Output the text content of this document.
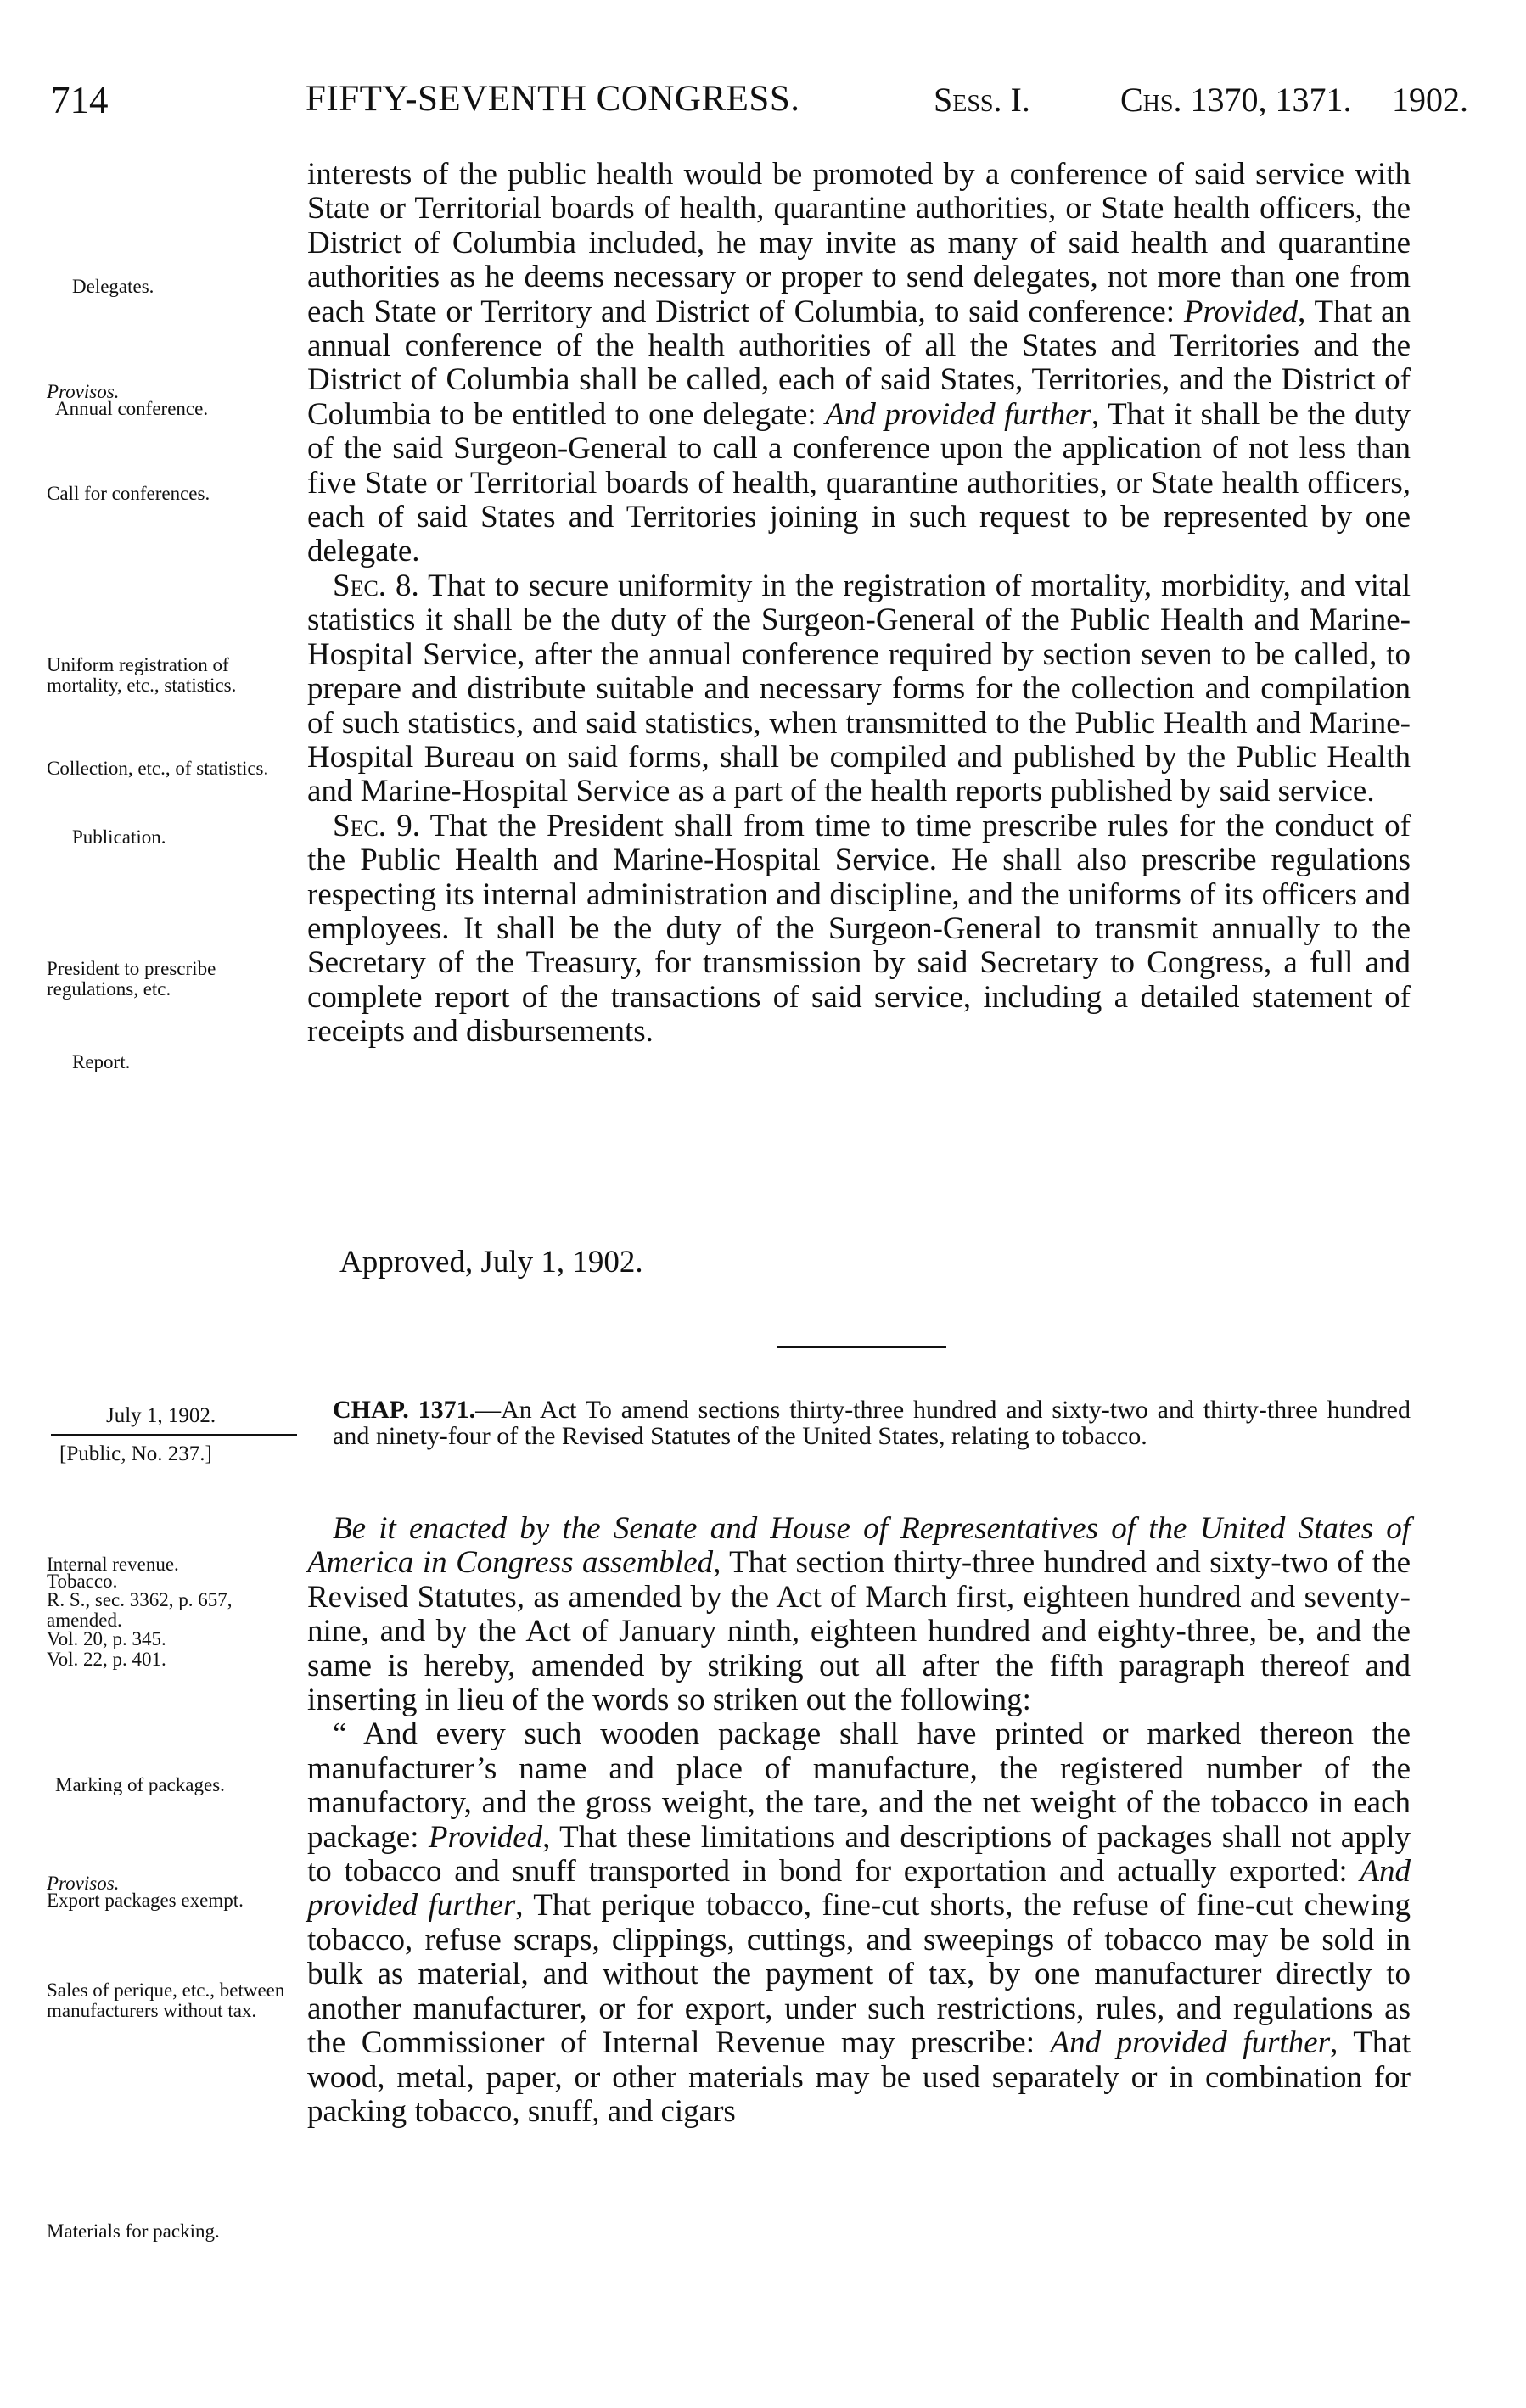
714	FIFTY-SEVENTH CONGRESS.	Sess. I.	Chs. 1370, 1371. 1902.
Delegates.
Provisos.
Annual conference.
Call for conferences.
Uniform registration of mortality, etc., statistics.
Collection, etc., of statistics.
Publication.
President to prescribe regulations, etc.
Report.

interests of the public health would be promoted by a conference of said service with State or Territorial boards of health, quarantine authorities, or State health officers, the District of Columbia included, he may invite as many of said health and quarantine authorities as he deems necessary or proper to send delegates, not more than one from each State or Territory and District of Columbia, to said conference: Provided, That an annual conference of the health authorities of all the States and Territories and the District of Columbia shall be called, each of said States, Territories, and the District of Columbia to be entitled to one delegate: And provided further, That it shall be the duty of the said Surgeon-General to call a conference upon the application of not less than five State or Territorial boards of health, quarantine authorities, or State health officers, each of said States and Territories joining in such request to be represented by one delegate.

Sec. 8. That to secure uniformity in the registration of mortality, morbidity, and vital statistics it shall be the duty of the Surgeon-General of the Public Health and Marine-Hospital Service, after the annual conference required by section seven to be called, to prepare and distribute suitable and necessary forms for the collection and compilation of such statistics, and said statistics, when transmitted to the Public Health and Marine-Hospital Bureau on said forms, shall be compiled and published by the Public Health and Marine-Hospital Service as a part of the health reports published by said service.

Sec. 9. That the President shall from time to time prescribe rules for the conduct of the Public Health and Marine-Hospital Service. He shall also prescribe regulations respecting its internal administration and discipline, and the uniforms of its officers and employees. It shall be the duty of the Surgeon-General to transmit annually to the Secretary of the Treasury, for transmission by said Secretary to Congress, a full and complete report of the transactions of said service, including a detailed statement of receipts and disbursements.

Approved, July 1, 1902.
July 1, 1902.
[Public, No. 237.]
CHAP. 1371.—An Act To amend sections thirty-three hundred and sixty-two and thirty-three hundred and ninety-four of the Revised Statutes of the United States, relating to tobacco.
Internal revenue.
Tobacco.
R. S., sec. 3362, p. 657, amended.
Vol. 20, p. 345.
Vol. 22, p. 401.
Marking of packages.
Provisos.
Export packages exempt.
Sales of perique, etc., between manufacturers without tax.
Materials for packing.

Be it enacted by the Senate and House of Representatives of the United States of America in Congress assembled, That section thirty-three hundred and sixty-two of the Revised Statutes, as amended by the Act of March first, eighteen hundred and seventy-nine, and by the Act of January ninth, eighteen hundred and eighty-three, be, and the same is hereby, amended by striking out all after the fifth paragraph thereof and inserting in lieu of the words so striken out the following:

“ And every such wooden package shall have printed or marked thereon the manufacturer’s name and place of manufacture, the registered number of the manufactory, and the gross weight, the tare, and the net weight of the tobacco in each package: Provided, That these limitations and descriptions of packages shall not apply to tobacco and snuff transported in bond for exportation and actually exported: And provided further, That perique tobacco, fine-cut shorts, the refuse of fine-cut chewing tobacco, refuse scraps, clippings, cuttings, and sweepings of tobacco may be sold in bulk as material, and without the payment of tax, by one manufacturer directly to another manufacturer, or for export, under such restrictions, rules, and regulations as the Commissioner of Internal Revenue may prescribe: And provided further, That wood, metal, paper, or other materials may be used separately or in combination for packing tobacco, snuff, and cigars
